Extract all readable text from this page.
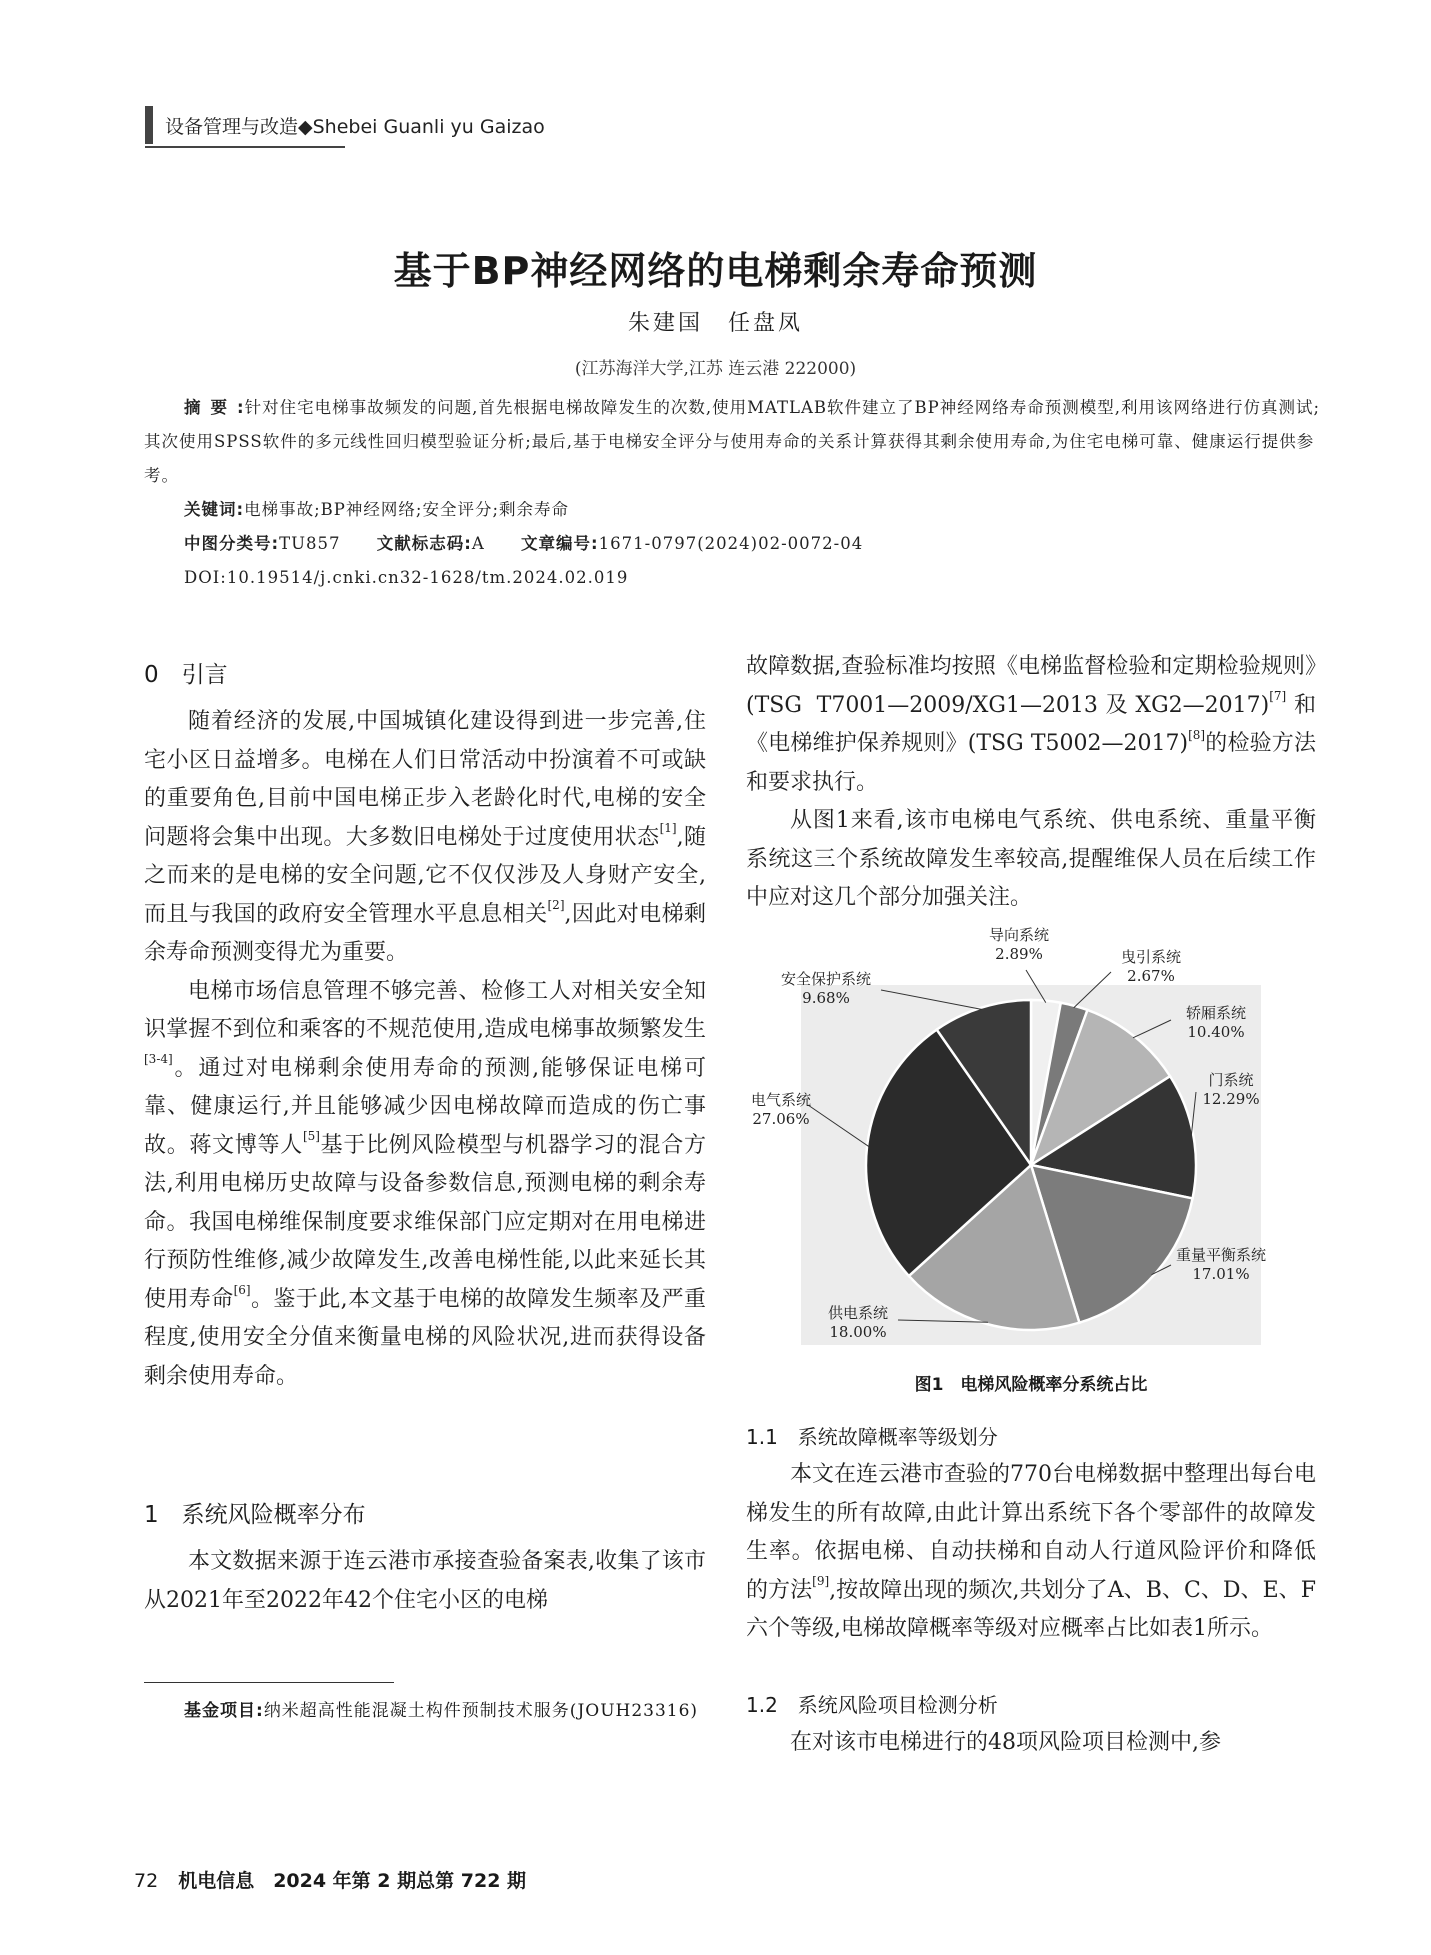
设备管理与改造◆Shebei Guanli yu Gaizao
基于BP神经网络的电梯剩余寿命预测
朱建国　任盘凤
(江苏海洋大学,江苏 连云港 222000)
摘要:针对住宅电梯事故频发的问题,首先根据电梯故障发生的次数,使用MATLAB软件建立了BP神经网络寿命预测模型,利用该网络进行仿真测试;其次使用SPSS软件的多元线性回归模型验证分析;最后,基于电梯安全评分与使用寿命的关系计算获得其剩余使用寿命,为住宅电梯可靠、健康运行提供参考。
关键词:电梯事故;BP神经网络;安全评分;剩余寿命
中图分类号:TU857 文献标志码:A 文章编号:1671-0797(2024)02-0072-04
DOI:10.19514/j.cnki.cn32-1628/tm.2024.02.019
0　引言

随着经济的发展,中国城镇化建设得到进一步完善,住宅小区日益增多。电梯在人们日常活动中扮演着不可或缺的重要角色,目前中国电梯正步入老龄化时代,电梯的安全问题将会集中出现。大多数旧电梯处于过度使用状态[1],随之而来的是电梯的安全问题,它不仅仅涉及人身财产安全,而且与我国的政府安全管理水平息息相关[2],因此对电梯剩余寿命预测变得尤为重要。

电梯市场信息管理不够完善、检修工人对相关安全知识掌握不到位和乘客的不规范使用,造成电梯事故频繁发生[3-4]。通过对电梯剩余使用寿命的预测,能够保证电梯可靠、健康运行,并且能够减少因电梯故障而造成的伤亡事故。蒋文博等人[5]基于比例风险模型与机器学习的混合方法,利用电梯历史故障与设备参数信息,预测电梯的剩余寿命。我国电梯维保制度要求维保部门应定期对在用电梯进行预防性维修,减少故障发生,改善电梯性能,以此来延长其使用寿命[6]。鉴于此,本文基于电梯的故障发生频率及严重程度,使用安全分值来衡量电梯的风险状况,进而获得设备剩余使用寿命。

1　系统风险概率分布

本文数据来源于连云港市承接查验备案表,收集了该市从2021年至2022年42个住宅小区的电梯

基金项目:纳米超高性能混凝土构件预制技术服务(JOUH23316)

故障数据,查验标准均按照《电梯监督检验和定期检验规则》(TSG T7001—2009/XG1—2013及XG2—2017)[7]和《电梯维护保养规则》(TSG T5002—2017)[8]的检验方法和要求执行。

从图1来看,该市电梯电气系统、供电系统、重量平衡系统这三个系统故障发生率较高,提醒维保人员在后续工作中应对这几个部分加强关注。

导向系统
2.89%	曳引系统
2.67%
轿厢系统
10.40%
门系统
12.29%
重量平衡系统
17.01%
供电系统
18.00%
电气系统
27.06%
安全保护系统
9.68%
图1　电梯风险概率分系统占比
1.1　系统故障概率等级划分

本文在连云港市查验的770台电梯数据中整理出每台电梯发生的所有故障,由此计算出系统下各个零部件的故障发生率。依据电梯、自动扶梯和自动人行道风险评价和降低的方法[9],按故障出现的频次,共划分了A、B、C、D、E、F六个等级,电梯故障概率等级对应概率占比如表1所示。

1.2　系统风险项目检测分析

在对该市电梯进行的48项风险项目检测中,参

72 机电信息　2024 年第 2 期总第 722 期
